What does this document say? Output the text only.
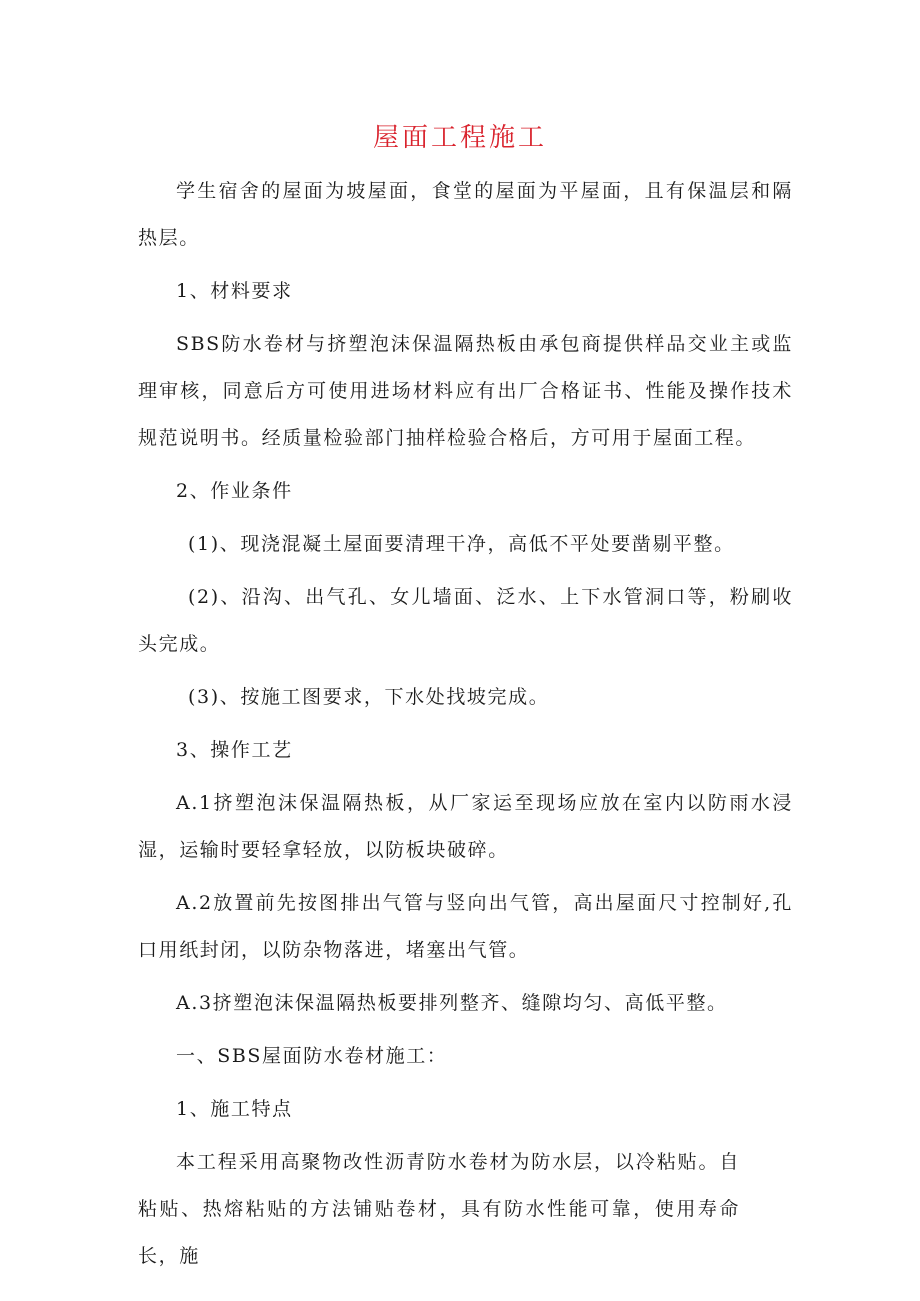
屋面工程施工

学生宿舍的屋面为坡屋面，食堂的屋面为平屋面，且有保温层和隔热层。

1、材料要求

SBS防水卷材与挤塑泡沫保温隔热板由承包商提供样品交业主或监理审核，同意后方可使用进场材料应有出厂合格证书、性能及操作技术规范说明书。经质量检验部门抽样检验合格后，方可用于屋面工程。

2、作业条件

(1)、现浇混凝土屋面要清理干净，高低不平处要凿剔平整。

(2)、沿沟、出气孔、女儿墙面、泛水、上下水管洞口等，粉刷收头完成。

(3)、按施工图要求，下水处找坡完成。

3、操作工艺

A.1挤塑泡沫保温隔热板，从厂家运至现场应放在室内以防雨水浸湿，运输时要轻拿轻放，以防板块破碎。

A.2放置前先按图排出气管与竖向出气管，高出屋面尺寸控制好,孔口用纸封闭，以防杂物落进，堵塞出气管。

A.3挤塑泡沫保温隔热板要排列整齐、缝隙均匀、高低平整。

一、SBS屋面防水卷材施工：

1、施工特点

本工程采用高聚物改性沥青防水卷材为防水层，以冷粘贴。自粘贴、热熔粘贴的方法铺贴卷材，具有防水性能可靠，使用寿命长，施
